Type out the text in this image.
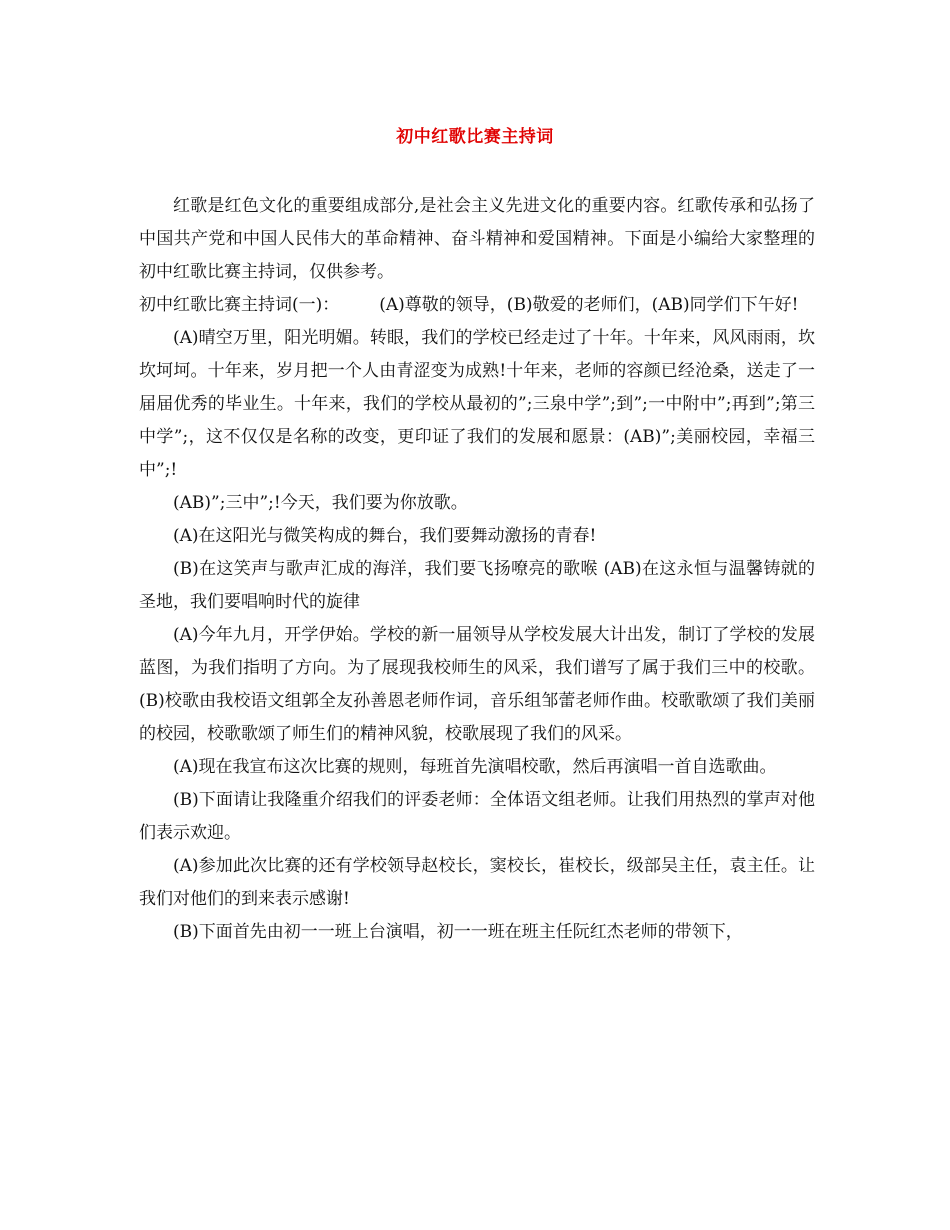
初中红歌比赛主持词

红歌是红色文化的重要组成部分,是社会主义先进文化的重要内容。红歌传承和弘扬了中国共产党和中国人民伟大的革命精神、奋斗精神和爱国精神。下面是小编给大家整理的初中红歌比赛主持词，仅供参考。

初中红歌比赛主持词(一)： (A)尊敬的领导，(B)敬爱的老师们，(AB)同学们下午好!

(A)晴空万里，阳光明媚。转眼，我们的学校已经走过了十年。十年来，风风雨雨，坎坎坷坷。十年来，岁月把一个人由青涩变为成熟!十年来，老师的容颜已经沧桑，送走了一届届优秀的毕业生。十年来，我们的学校从最初的”;三泉中学”;到”;一中附中”;再到”;第三中学”;，这不仅仅是名称的改变，更印证了我们的发展和愿景：(AB)”;美丽校园，幸福三中”;!

(AB)”;三中”;!今天，我们要为你放歌。

(A)在这阳光与微笑构成的舞台，我们要舞动激扬的青春!

(B)在这笑声与歌声汇成的海洋，我们要飞扬嘹亮的歌喉 (AB)在这永恒与温馨铸就的圣地，我们要唱响时代的旋律

(A)今年九月，开学伊始。学校的新一届领导从学校发展大计出发，制订了学校的发展蓝图，为我们指明了方向。为了展现我校师生的风采，我们谱写了属于我们三中的校歌。(B)校歌由我校语文组郭全友孙善恩老师作词，音乐组邹蕾老师作曲。校歌歌颂了我们美丽的校园，校歌歌颂了师生们的精神风貌，校歌展现了我们的风采。

(A)现在我宣布这次比赛的规则，每班首先演唱校歌，然后再演唱一首自选歌曲。

(B)下面请让我隆重介绍我们的评委老师：全体语文组老师。让我们用热烈的掌声对他们表示欢迎。

(A)参加此次比赛的还有学校领导赵校长，窦校长，崔校长，级部吴主任，袁主任。让我们对他们的到来表示感谢!

(B)下面首先由初一一班上台演唱，初一一班在班主任阮红杰老师的带领下，
